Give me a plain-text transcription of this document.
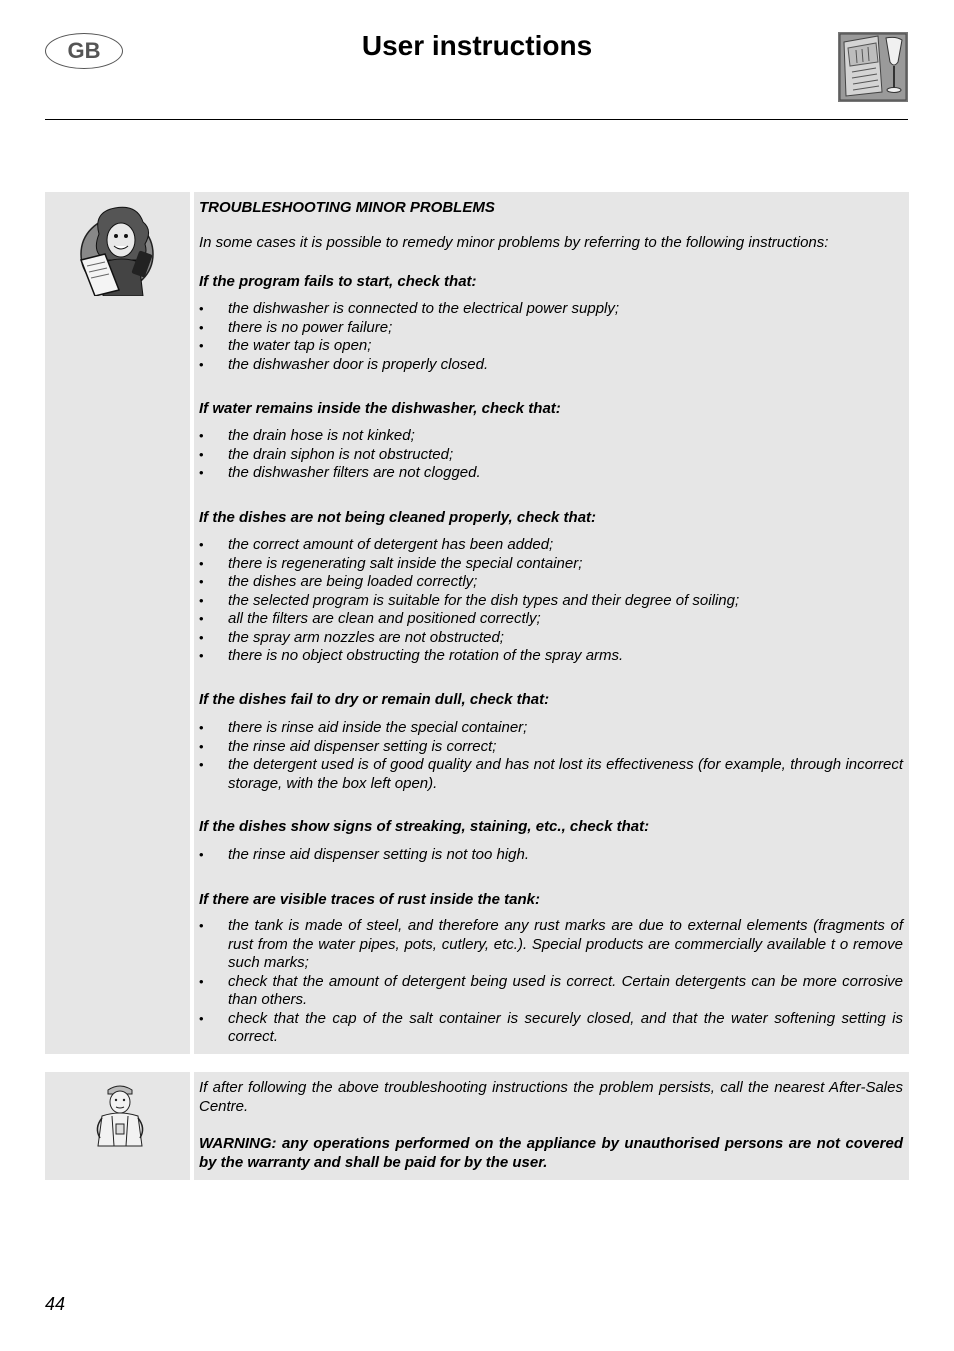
GB	User instructions
TROUBLESHOOTING MINOR PROBLEMS
In some cases it is possible to remedy minor problems by referring to the following instructions:
If the program fails to start, check that:
• the dishwasher is connected to the electrical power supply;
• there is no power failure;
• the water tap is open;
• the dishwasher door is properly closed.
If water remains inside the dishwasher, check that:
• the drain hose is not kinked;
• the drain siphon is not obstructed;
• the dishwasher filters are not clogged.
If the dishes are not being cleaned properly, check that:
• the correct amount of detergent has been added;
• there is regenerating salt inside the special container;
• the dishes are being loaded correctly;
• the selected program is suitable for the dish types and their degree of soiling;
• all the filters are clean and positioned correctly;
• the spray arm nozzles are not obstructed;
• there is no object obstructing the rotation of the spray arms.
If the dishes fail to dry or remain dull, check that:
• there is rinse aid inside the special container;
• the rinse aid dispenser setting is correct;
• the detergent used is of good quality and has not lost its effectiveness (for example, through incorrect storage, with the box left open).
If the dishes show signs of streaking, staining, etc., check that:
• the rinse aid dispenser setting is not too high.
If there are visible traces of rust inside the tank:
• the tank is made of steel, and therefore any rust marks are due to external elements (fragments of rust from the water pipes, pots, cutlery, etc.). Special products are commercially available t o remove such marks;
• check that the amount of detergent being used is correct. Certain detergents can be more corrosive than others.
• check that the cap of the salt container is securely closed, and that the water softening setting is correct.
If after following the above troubleshooting instructions the problem persists, call the nearest After-Sales Centre.
WARNING: any operations performed on the appliance by unauthorised persons are not covered by the warranty and shall be paid for by the user.
44
